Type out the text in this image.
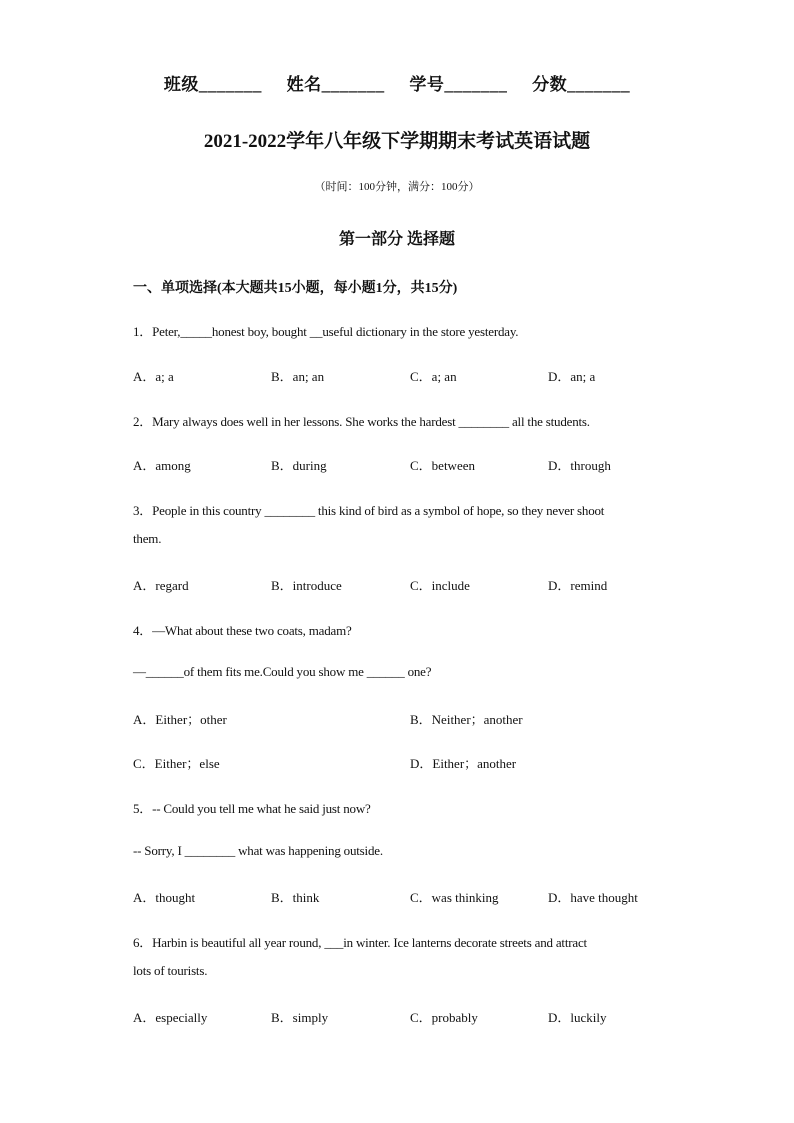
班级_______ 姓名_______ 学号_______ 分数_______
2021-2022学年八年级下学期期末考试英语试题
（时间：100分钟，满分：100分）
第一部分 选择题
一、单项选择(本大题共15小题，每小题1分，共15分)
1．Peter,_____honest boy, bought __useful dictionary in the store yesterday.
A．a; a	B．an; an	C．a; an	D．an; a
2．Mary always does well in her lessons. She works the hardest ________ all the students.
A．among	B．during	C．between	D．through
3．People in this country ________ this kind of bird as a symbol of hope, so they never shoot
them.
A．regard	B．introduce	C．include	D．remind
4．—What about these two coats, madam?
—______of them fits me.Could you show me ______ one?
A．Either；other	B．Neither；another
C．Either；else	D．Either；another
5．-- Could you tell me what he said just now?
-- Sorry, I ________ what was happening outside.
A．thought	B．think	C．was thinking	D．have thought
6．Harbin is beautiful all year round, ___in winter. Ice lanterns decorate streets and attract
lots of tourists.
A．especially	B．simply	C．probably	D．luckily
